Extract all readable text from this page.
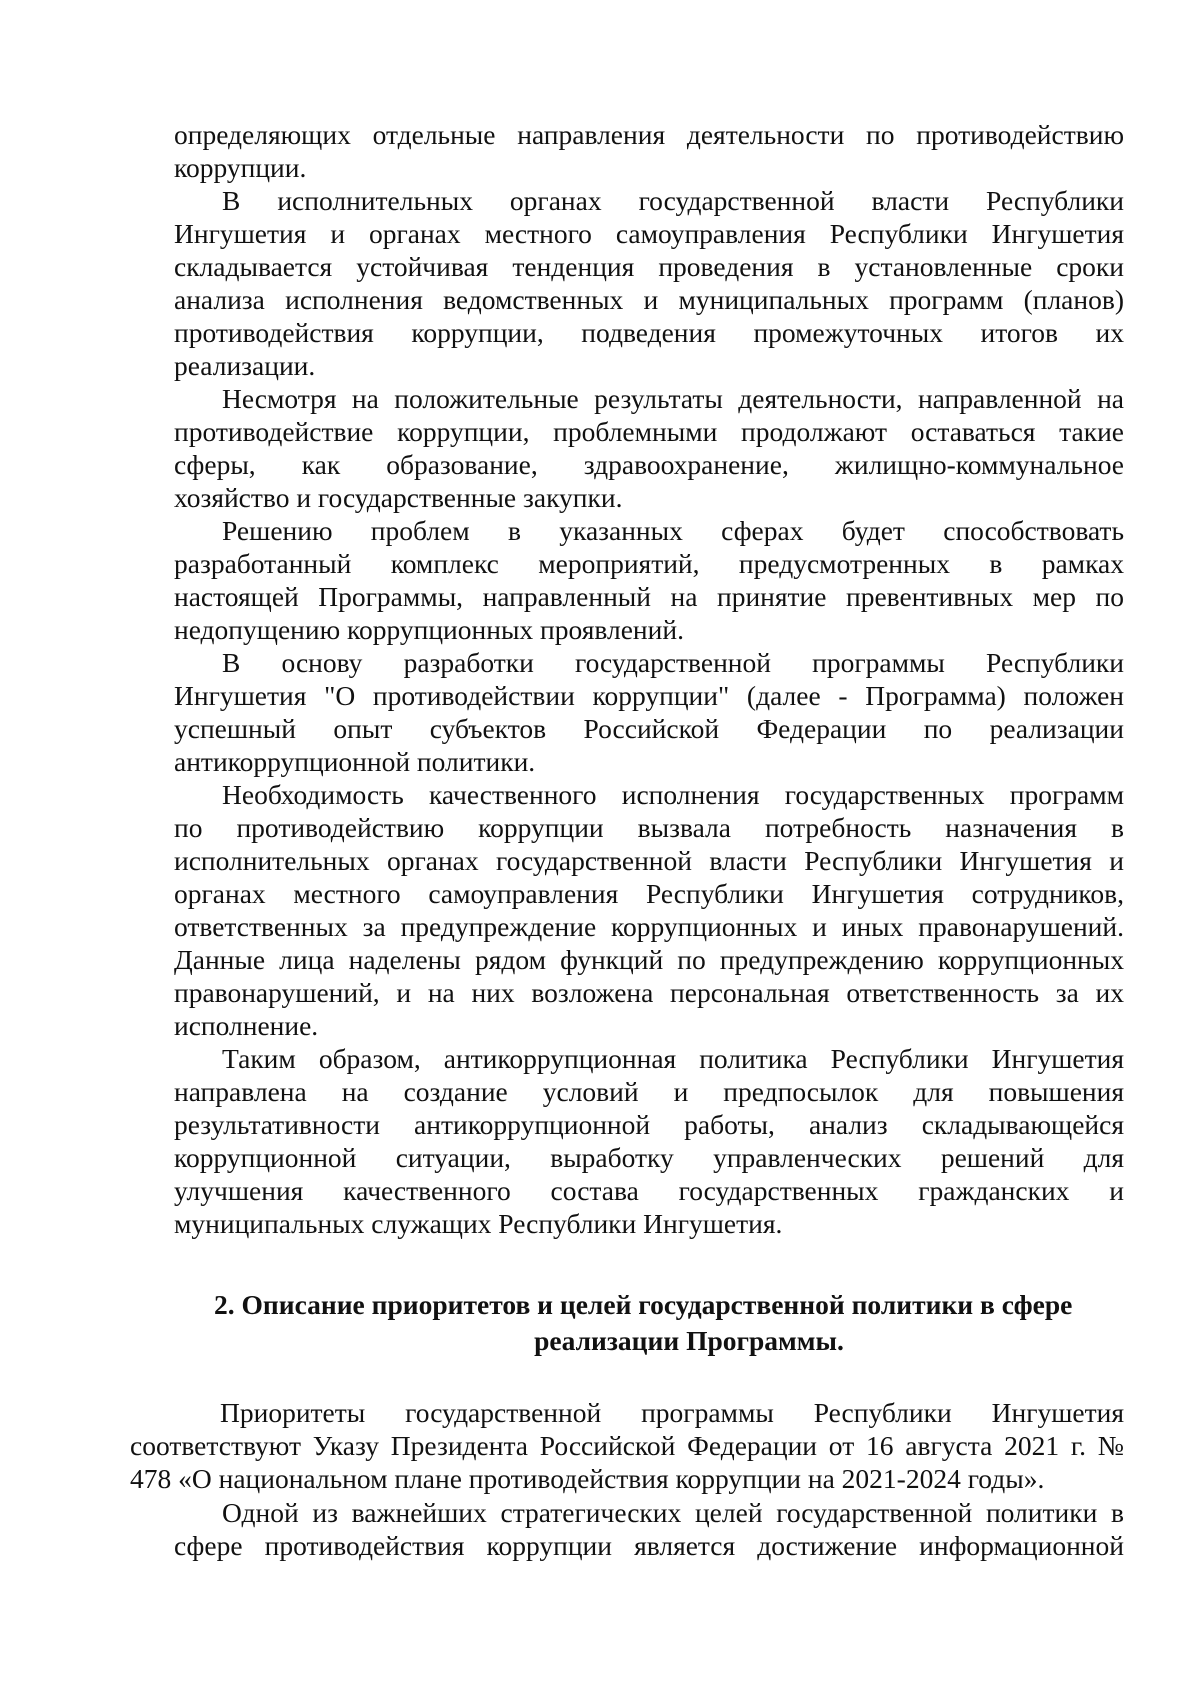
определяющих отдельные направления деятельности по противодействию
коррупции.
В исполнительных органах государственной власти Республики
Ингушетия и органах местного самоуправления Республики Ингушетия
складывается устойчивая тенденция проведения в установленные сроки
анализа исполнения ведомственных и муниципальных программ (планов)
противодействия коррупции, подведения промежуточных итогов их
реализации.
Несмотря на положительные результаты деятельности, направленной на
противодействие коррупции, проблемными продолжают оставаться такие
сферы, как образование, здравоохранение, жилищно-коммунальное
хозяйство и государственные закупки.
Решению проблем в указанных сферах будет способствовать
разработанный комплекс мероприятий, предусмотренных в рамках
настоящей Программы, направленный на принятие превентивных мер по
недопущению коррупционных проявлений.
В основу разработки государственной программы Республики
Ингушетия "О противодействии коррупции" (далее - Программа) положен
успешный опыт субъектов Российской Федерации по реализации
антикоррупционной политики.
Необходимость качественного исполнения государственных программ
по противодействию коррупции вызвала потребность назначения в
исполнительных органах государственной власти Республики Ингушетия и
органах местного самоуправления Республики Ингушетия сотрудников,
ответственных за предупреждение коррупционных и иных правонарушений.
Данные лица наделены рядом функций по предупреждению коррупционных
правонарушений, и на них возложена персональная ответственность за их
исполнение.
Таким образом, антикоррупционная политика Республики Ингушетия
направлена на создание условий и предпосылок для повышения
результативности антикоррупционной работы, анализ складывающейся
коррупционной ситуации, выработку управленческих решений для
улучшения качественного состава государственных гражданских и
муниципальных служащих Республики Ингушетия.
2. Описание приоритетов и целей государственной политики в сфере
реализации Программы.
Приоритеты государственной программы Республики Ингушетия
соответствуют Указу Президента Российской Федерации от 16 августа 2021 г. №
478 «О национальном плане противодействия коррупции на 2021-2024 годы».
Одной из важнейших стратегических целей государственной политики в
сфере противодействия коррупции является достижение информационной
